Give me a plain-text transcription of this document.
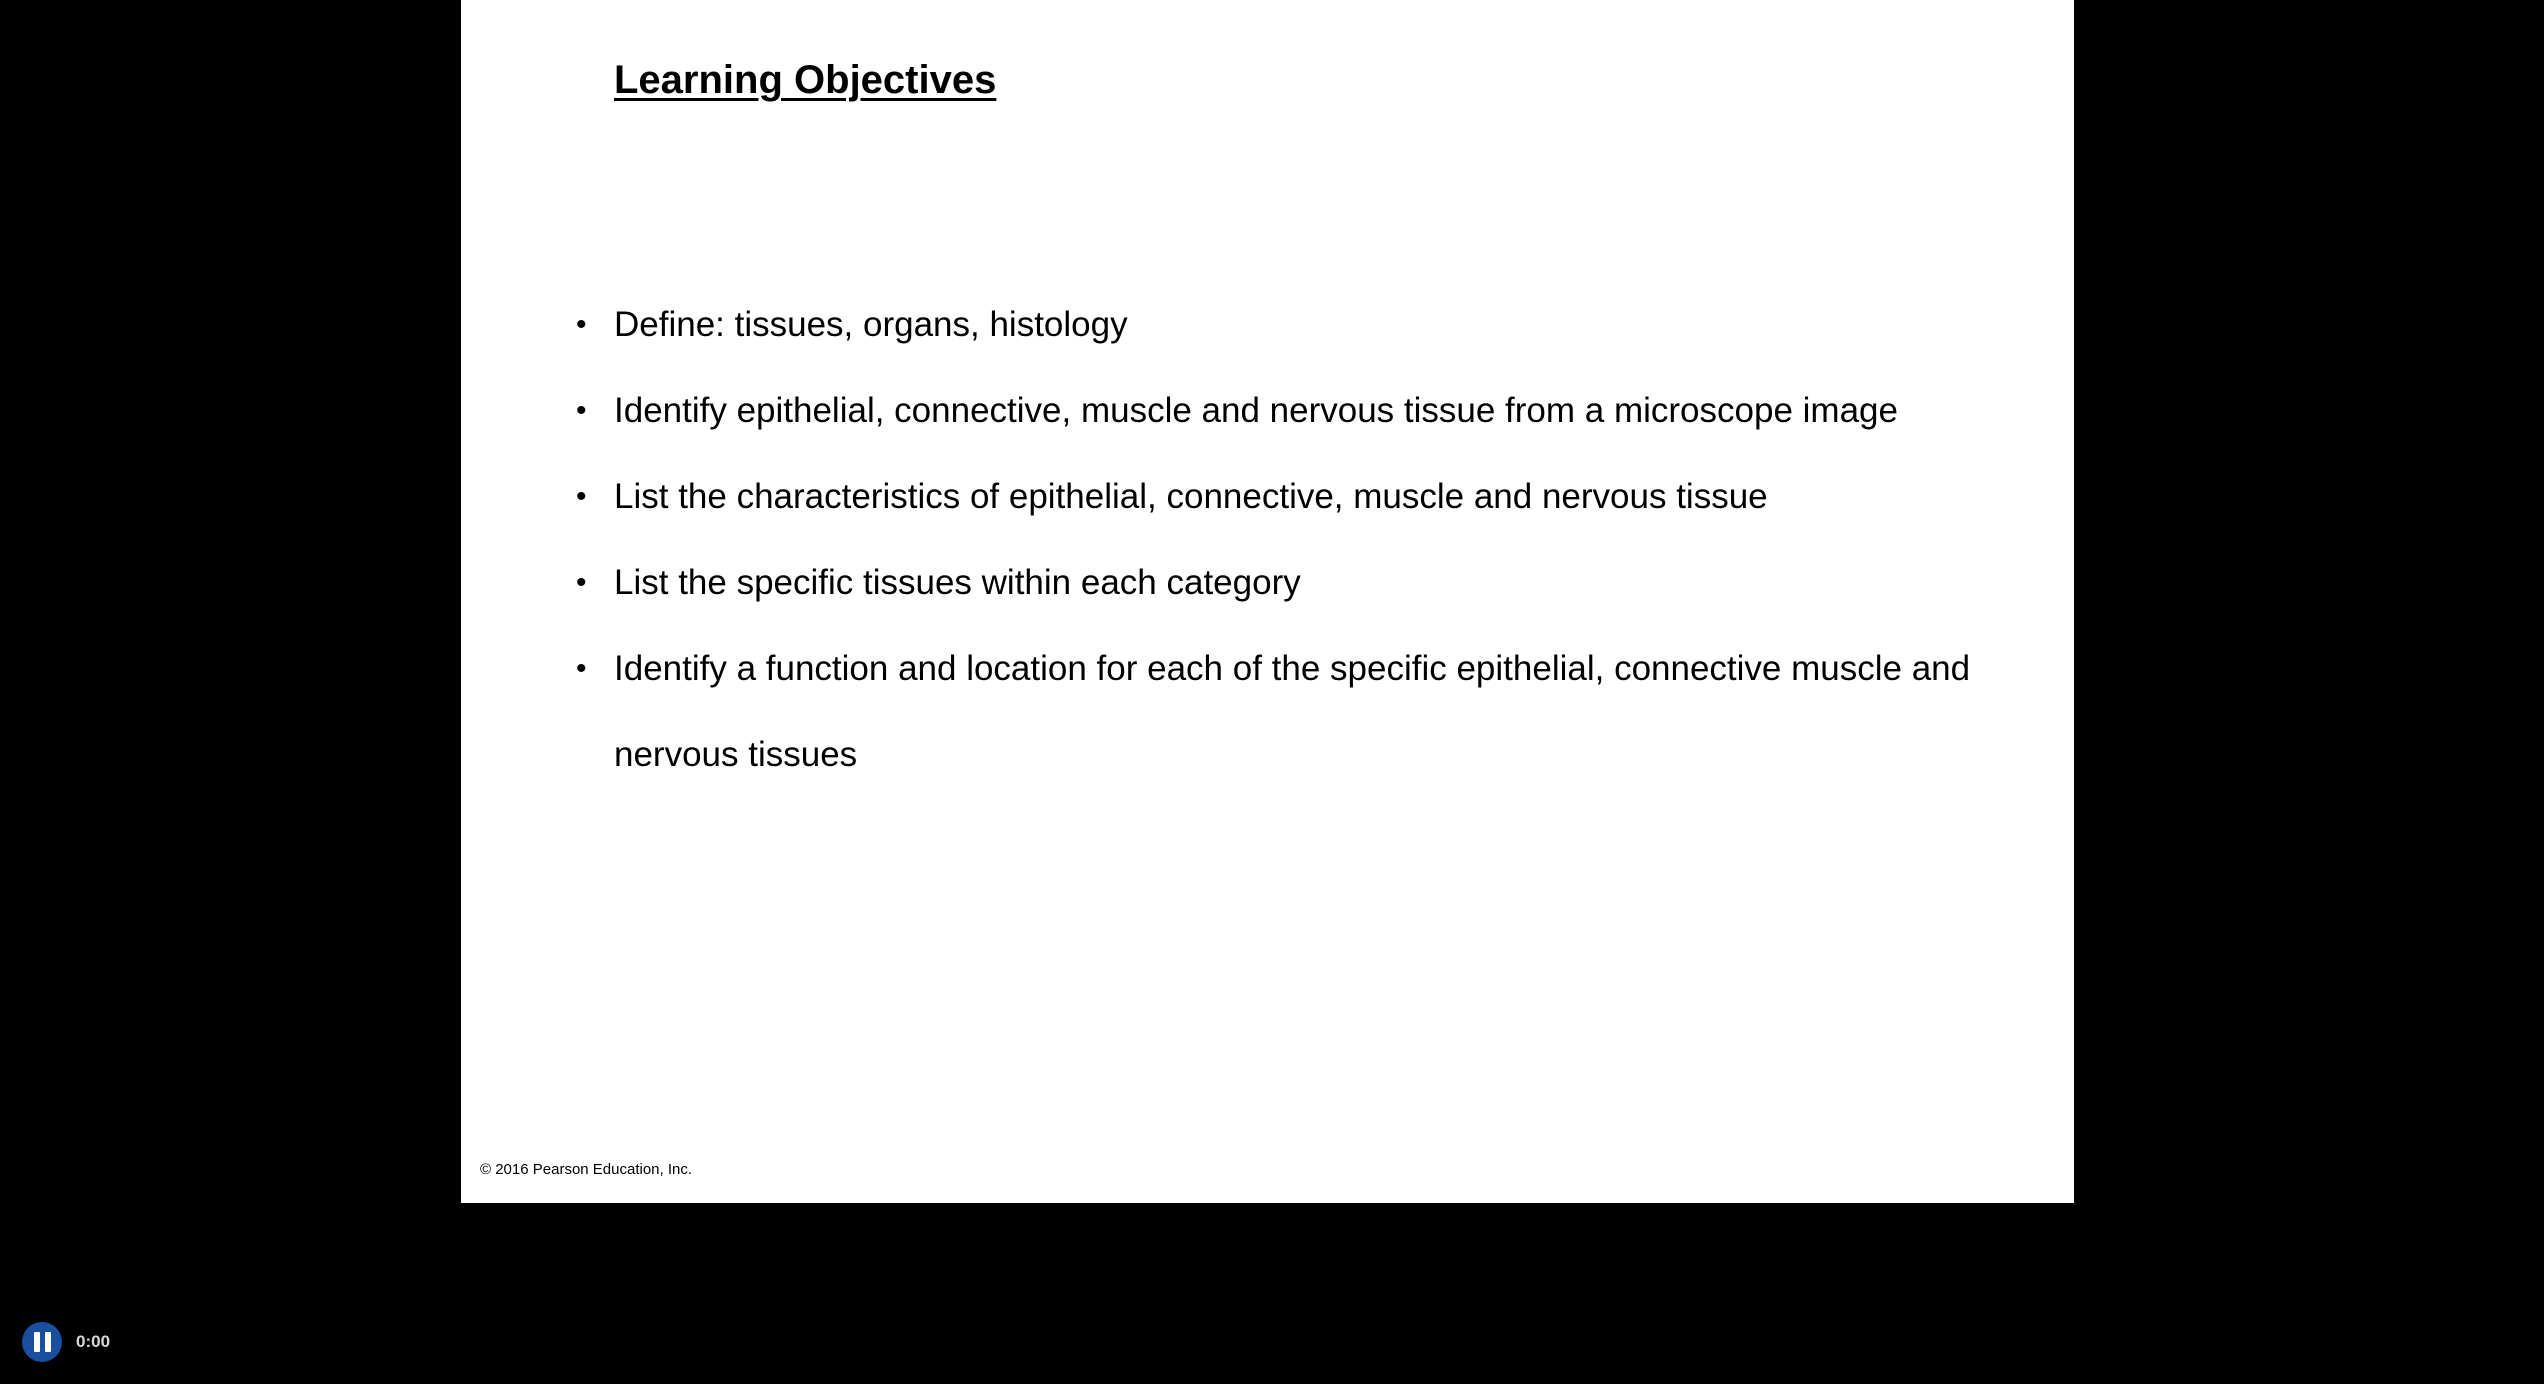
Learning Objectives
• Define: tissues, organs, histology
• Identify epithelial, connective, muscle and nervous tissue from a microscope image
• List the characteristics of epithelial, connective, muscle and nervous tissue
• List the specific tissues within each category
• Identify a function and location for each of the specific epithelial, connective muscle and nervous tissues
© 2016 Pearson Education, Inc.
0:00
